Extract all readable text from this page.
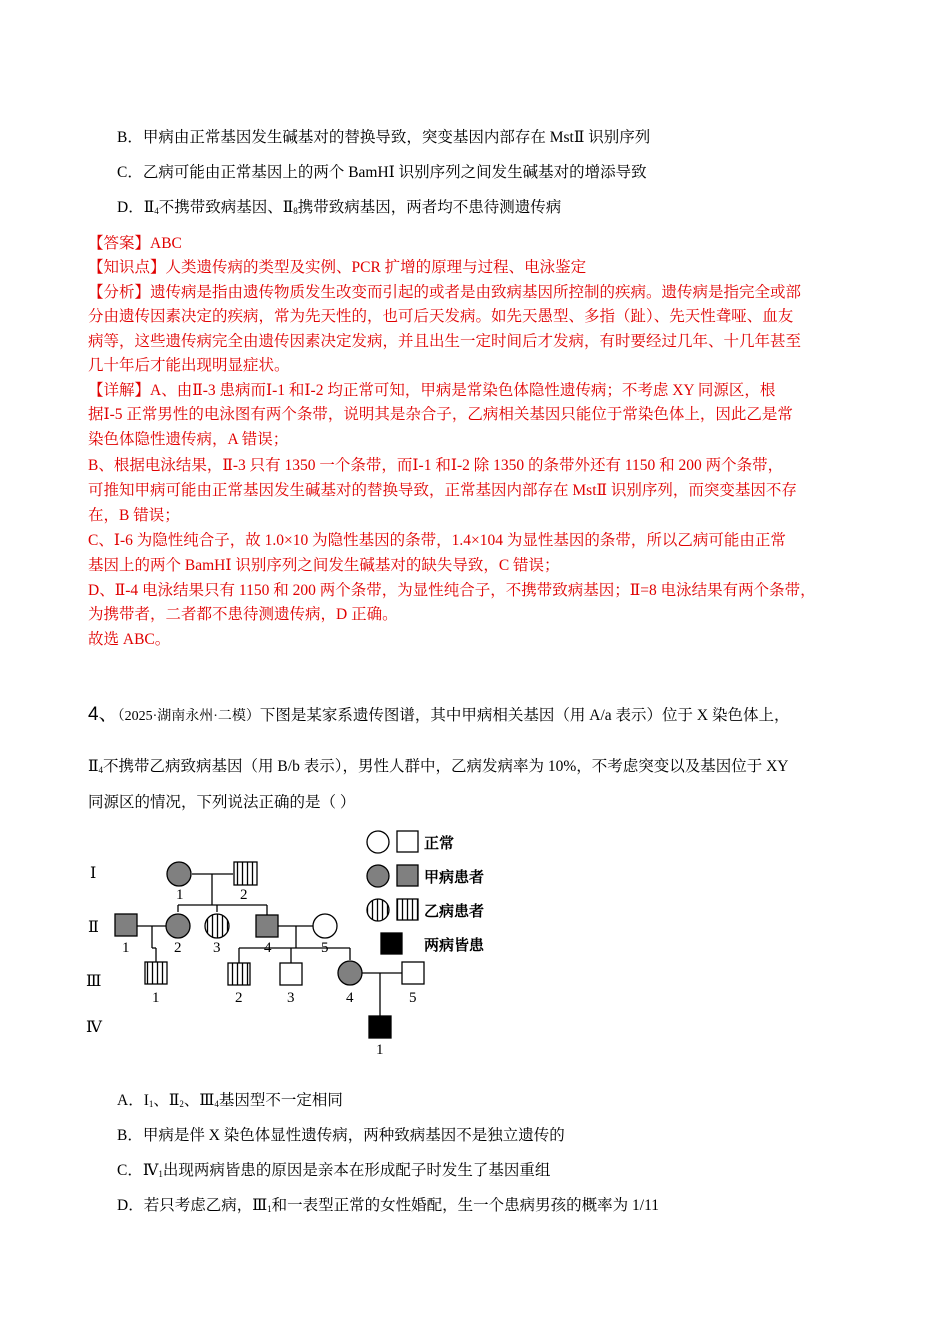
B．甲病由正常基因发生碱基对的替换导致，突变基因内部存在 MstⅡ 识别序列
C．乙病可能由正常基因上的两个 BamHⅠ 识别序列之间发生碱基对的增添导致
D．$Ⅱ_4$不携带致病基因、$Ⅱ_8$携带致病基因，两者均不患待测遗传病
【答案】ABC
【知识点】人类遗传病的类型及实例、PCR 扩增的原理与过程、电泳鉴定
【分析】遗传病是指由遗传物质发生改变而引起的或者是由致病基因所控制的疾病。遗传病是指完全或部
分由遗传因素决定的疾病，常为先天性的，也可后天发病。如先天愚型、多指（趾）、先天性聋哑、血友
病等，这些遗传病完全由遗传因素决定发病，并且出生一定时间后才发病，有时要经过几年、十几年甚至
几十年后才能出现明显症状。
【详解】A、由Ⅱ-3 患病而Ⅰ-1 和Ⅰ-2 均正常可知，甲病是常染色体隐性遗传病；不考虑 XY 同源区，根
据Ⅰ-5 正常男性的电泳图有两个条带，说明其是杂合子，乙病相关基因只能位于常染色体上，因此乙是常
染色体隐性遗传病，A 错误；
B、根据电泳结果，Ⅱ-3 只有 1350 一个条带，而Ⅰ-1 和Ⅰ-2 除 1350 的条带外还有 1150 和 200 两个条带，
可推知甲病可能由正常基因发生碱基对的替换导致，正常基因内部存在 MstⅡ 识别序列，而突变基因不存
在，B 错误；
C、Ⅰ-6 为隐性纯合子，故 1.0×10 为隐性基因的条带，1.4×104 为显性基因的条带，所以乙病可能由正常
基因上的两个 BamHⅠ 识别序列之间发生碱基对的缺失导致，C 错误；
D、Ⅱ-4 电泳结果只有 1150 和 200 两个条带，为显性纯合子，不携带致病基因；Ⅱ=8 电泳结果有两个条带，
为携带者，二者都不患待测遗传病，D 正确。
故选 ABC。
4、（2025·湖南永州·二模）下图是某家系遗传图谱，其中甲病相关基因（用 A/a 表示）位于 X 染色体上，
$Ⅱ_4$不携带乙病致病基因（用 B/b 表示），男性人群中，乙病发病率为 10%，不考虑突变以及基因位于 XY
同源区的情况，下列说法正确的是（ ）
Ⅰ
Ⅱ
Ⅲ
Ⅳ
1	2
1	2 3	4	5
1	2	3	4	5
1
正常
甲病患者
乙病患者
两病皆患
A．$I_1$、$Ⅱ_2$、$Ⅲ_4$基因型不一定相同
B．甲病是伴 X 染色体显性遗传病，两种致病基因不是独立遗传的
C．$Ⅳ_1$出现两病皆患的原因是亲本在形成配子时发生了基因重组
D．若只考虑乙病，$Ⅲ_1$和一表型正常的女性婚配，生一个患病男孩的概率为 1/11
